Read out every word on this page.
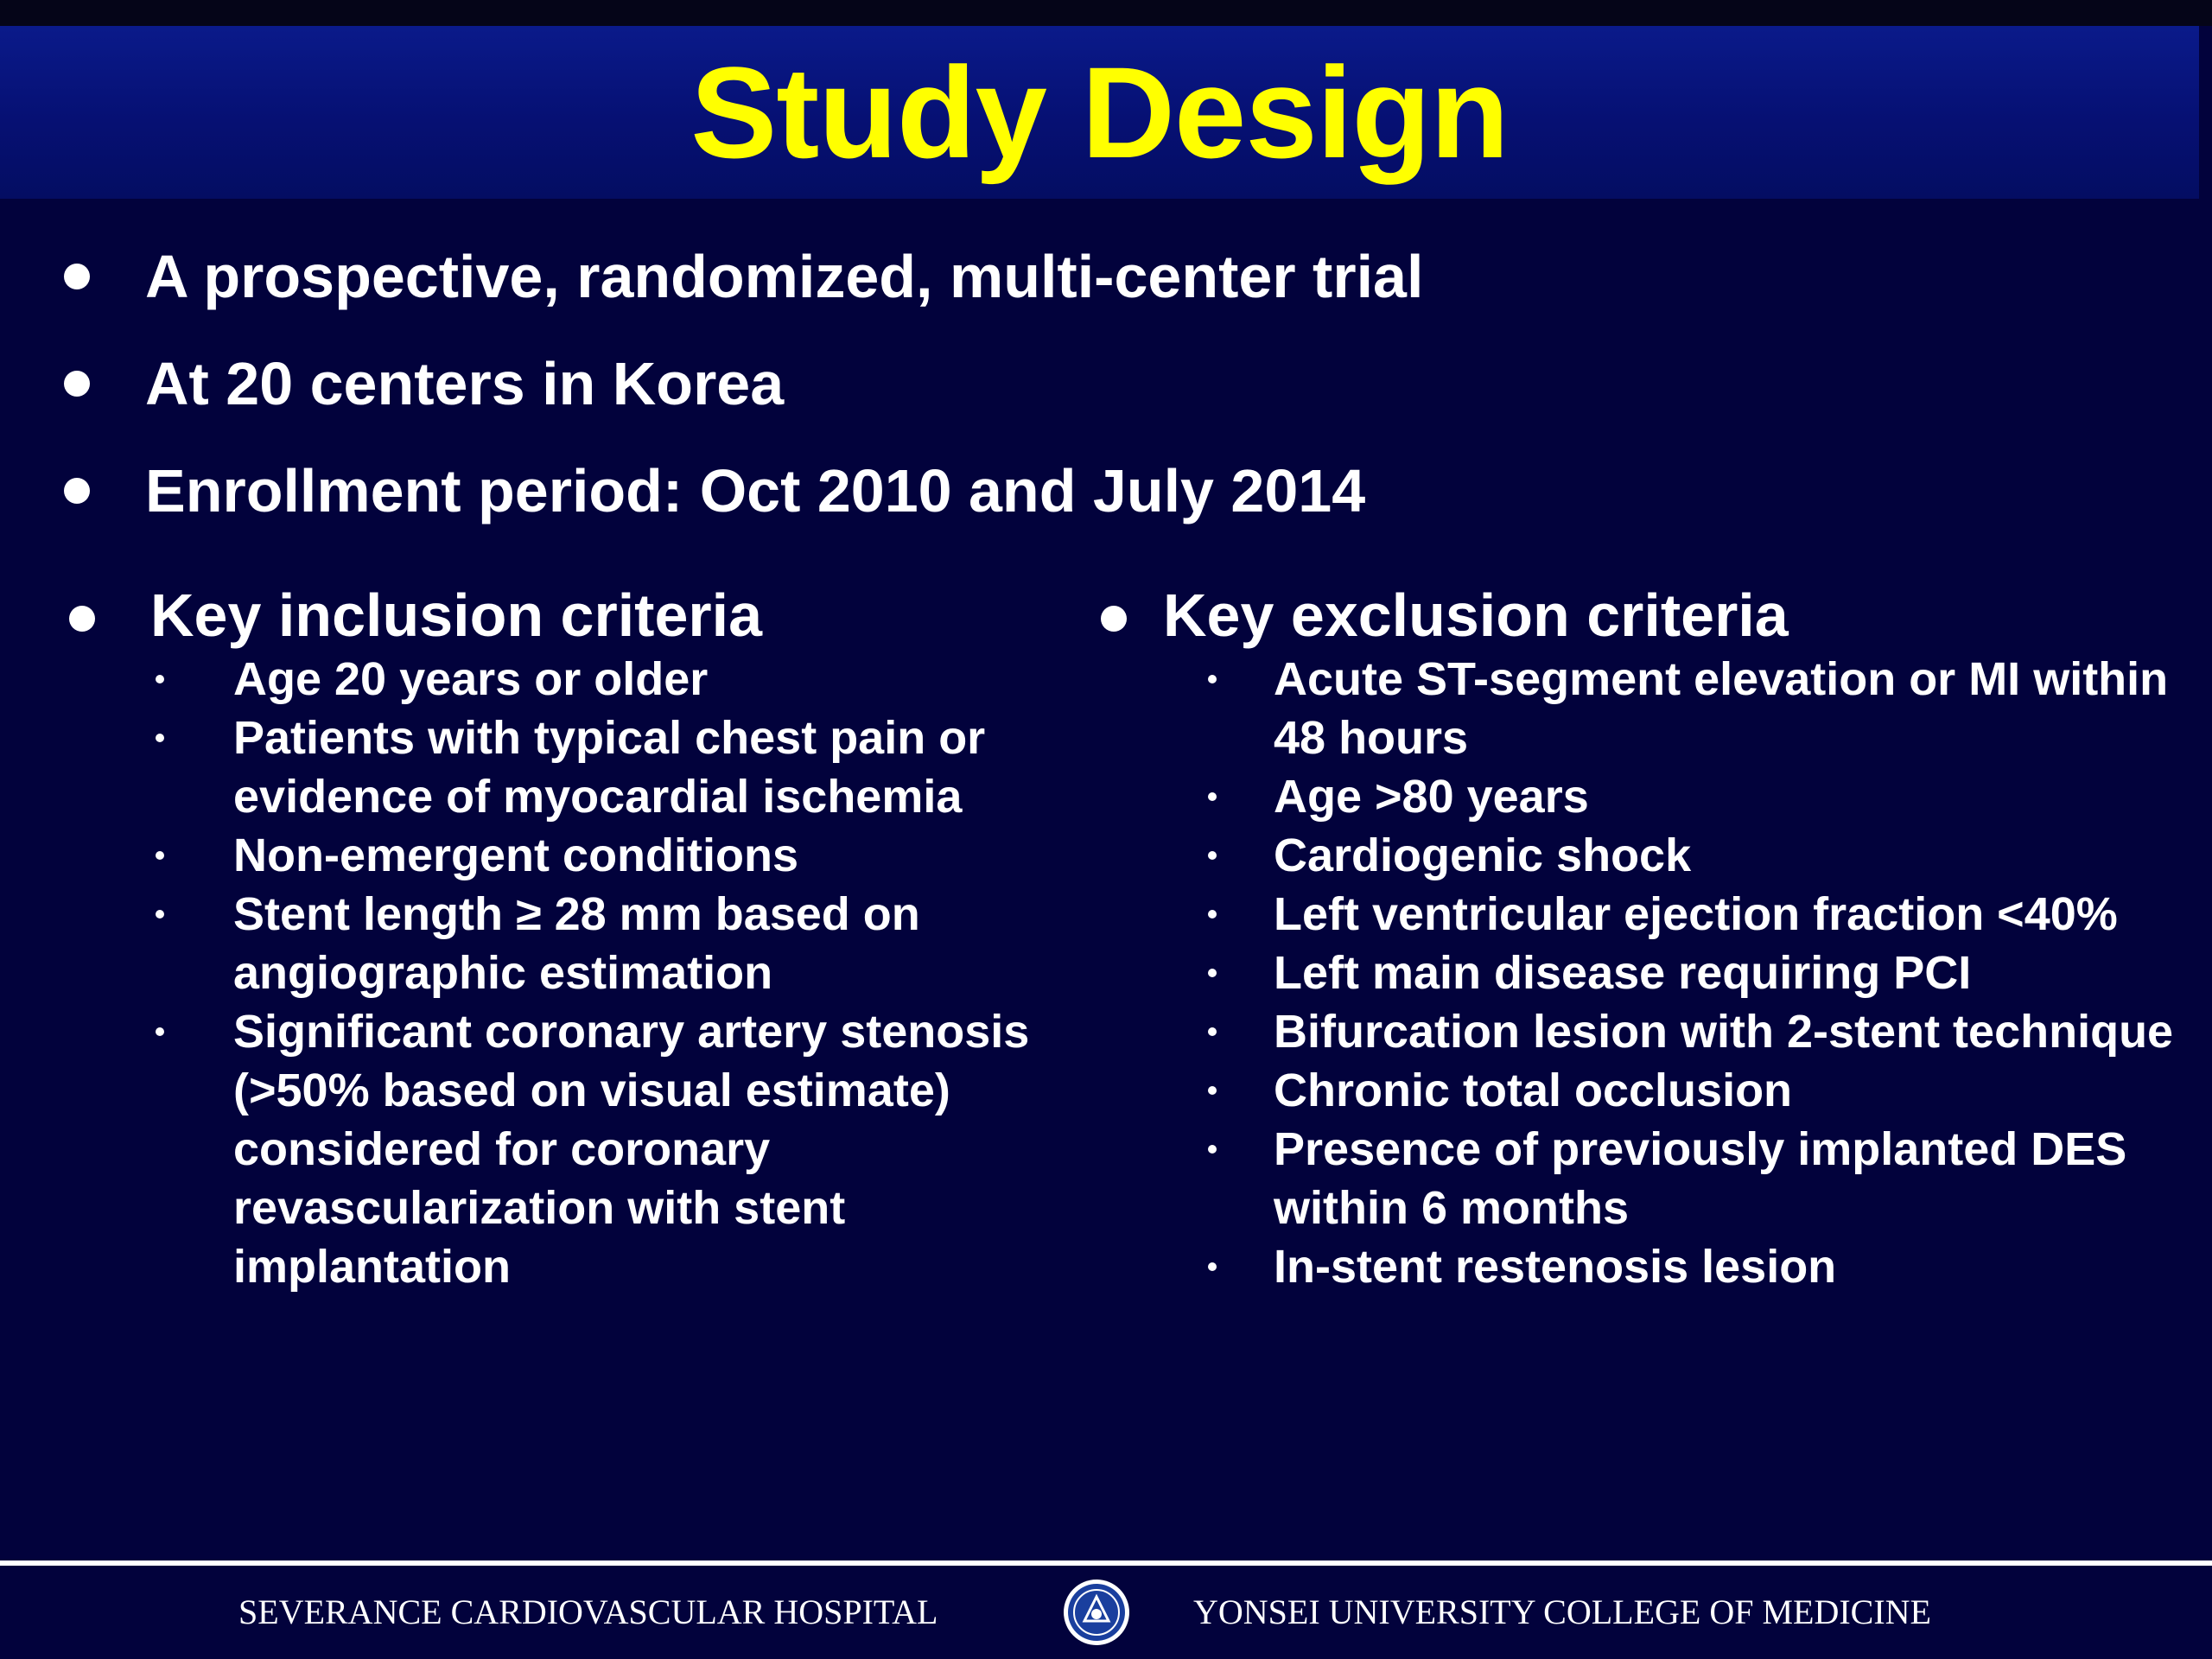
Study Design
A prospective, randomized, multi-center trial
At 20 centers in Korea
Enrollment period: Oct 2010 and July 2014
Key inclusion criteria
Age 20 years or older
Patients with typical chest pain or evidence of myocardial ischemia
Non-emergent conditions
Stent length ≥ 28 mm based on angiographic estimation
Significant coronary artery stenosis (>50% based on visual estimate) considered for coronary revascularization with stent implantation
Key exclusion criteria
Acute ST-segment elevation or MI within 48 hours
Age >80 years
Cardiogenic shock
Left ventricular ejection fraction <40%
Left main disease requiring PCI
Bifurcation lesion with 2-stent technique
Chronic total occlusion
Presence of previously implanted DES within 6 months
In-stent restenosis lesion
SEVERANCE CARDIOVASCULAR HOSPITAL	YONSEI UNIVERSITY COLLEGE OF MEDICINE
